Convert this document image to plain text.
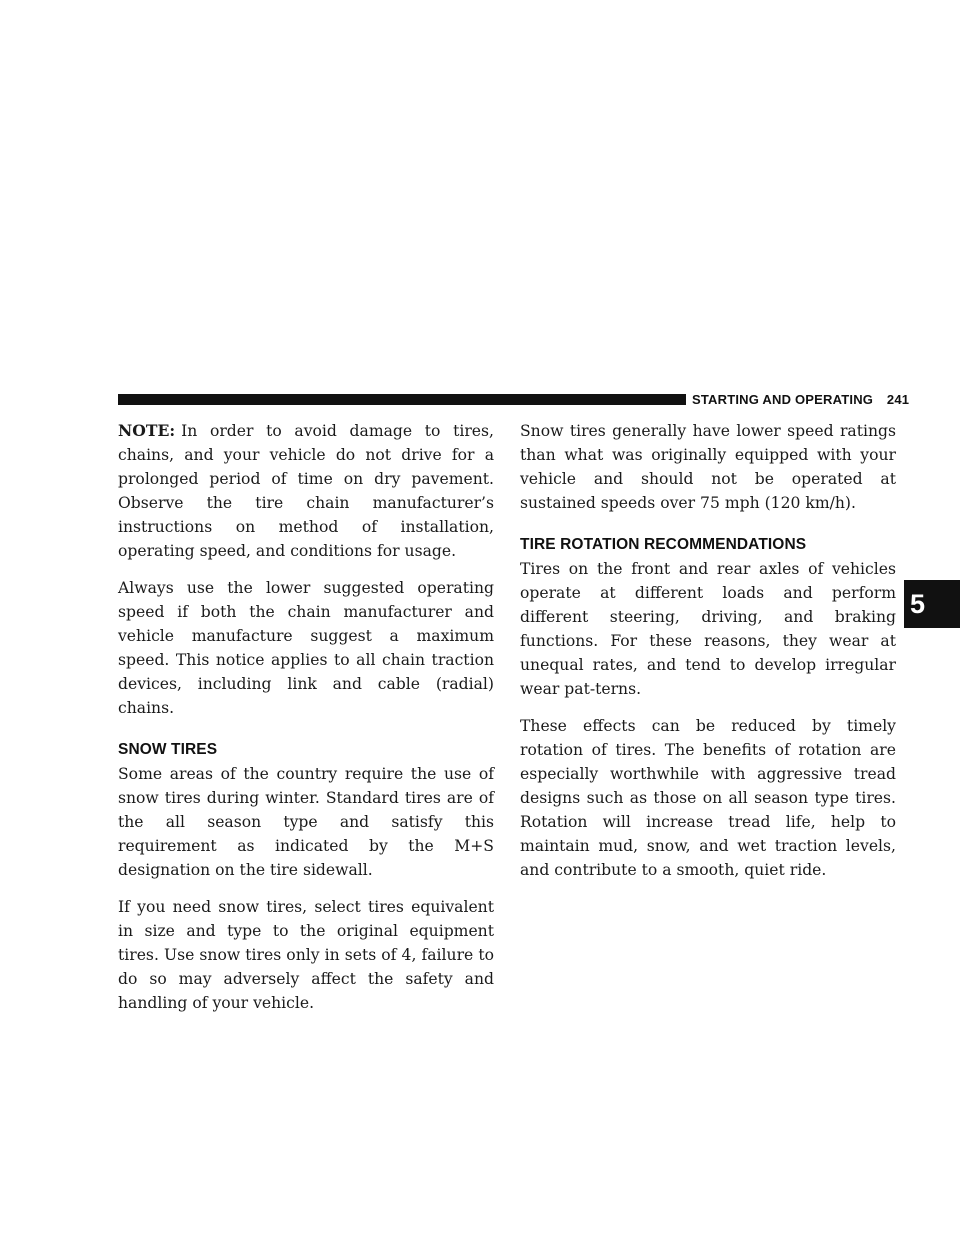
STARTING AND OPERATING 241
5

NOTE: In order to avoid damage to tires, chains, and your vehicle do not drive for a prolonged period of time on dry pavement. Observe the tire chain manufacturer’s instructions on method of installation, operating speed, and conditions for usage.

Always use the lower suggested operating speed if both the chain manufacturer and vehicle manufacture suggest a maximum speed. This notice applies to all chain traction devices, including link and cable (radial) chains.

SNOW TIRES

Some areas of the country require the use of snow tires during winter. Standard tires are of the all season type and satisfy this requirement as indicated by the M+S designation on the tire sidewall.

If you need snow tires, select tires equivalent in size and type to the original equipment tires. Use snow tires only in sets of 4, failure to do so may adversely affect the safety and handling of your vehicle.

Snow tires generally have lower speed ratings than what was originally equipped with your vehicle and should not be operated at sustained speeds over 75 mph (120 km/h).

TIRE ROTATION RECOMMENDATIONS

Tires on the front and rear axles of vehicles operate at different loads and perform different steering, driving, and braking functions. For these reasons, they wear at unequal rates, and tend to develop irregular wear pat-terns.

These effects can be reduced by timely rotation of tires. The benefits of rotation are especially worthwhile with aggressive tread designs such as those on all season type tires. Rotation will increase tread life, help to maintain mud, snow, and wet traction levels, and contribute to a smooth, quiet ride.
